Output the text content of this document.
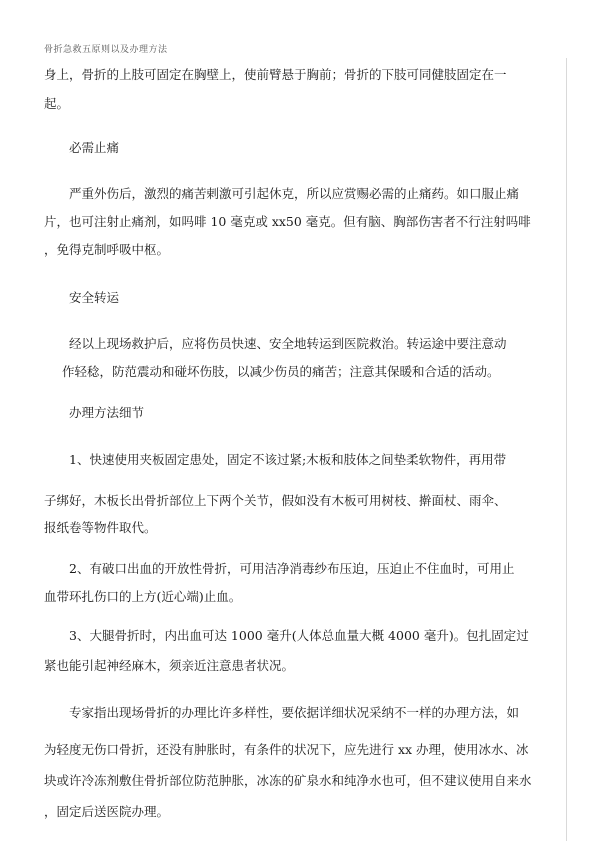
骨折急救五原则以及办理方法
身上，骨折的上肢可固定在胸壁上，使前臂悬于胸前；骨折的下肢可同健肢固定在一
起。
必需止痛
严重外伤后，激烈的痛苦剌激可引起休克，所以应赏赐必需的止痛药。如口服止痛
片，也可注射止痛剂，如吗啡 10 毫克或 xx50 毫克。但有脑、胸部伤害者不行注射吗啡
，免得克制呼吸中枢。
安全转运
经以上现场救护后，应将伤员快速、安全地转运到医院救治。转运途中要注意动
作轻稔，防范震动和碰坏伤肢，以减少伤员的痛苦；注意其保暖和合适的活动。
办理方法细节
1、快速使用夹板固定患处，固定不该过紧;木板和肢体之间垫柔软物件，再用带
子绑好，木板长出骨折部位上下两个关节，假如没有木板可用树枝、擀面杖、雨伞、
报纸卷等物件取代。
2、有破口出血的开放性骨折，可用洁净消毒纱布压迫，压迫止不住血时，可用止
血带环扎伤口的上方(近心端)止血。
3、大腿骨折时，内出血可达 1000 毫升(人体总血量大概 4000 毫升)。包扎固定过
紧也能引起神经麻木，须亲近注意患者状况。
专家指出现场骨折的办理比许多样性，要依据详细状况采纳不一样的办理方法，如
为轻度无伤口骨折，还没有肿胀时，有条件的状况下，应先进行 xx 办理，使用冰水、冰
块或许冷冻剂敷住骨折部位防范肿胀，冰冻的矿泉水和纯净水也可，但不建议使用自来水
，固定后送医院办理。
